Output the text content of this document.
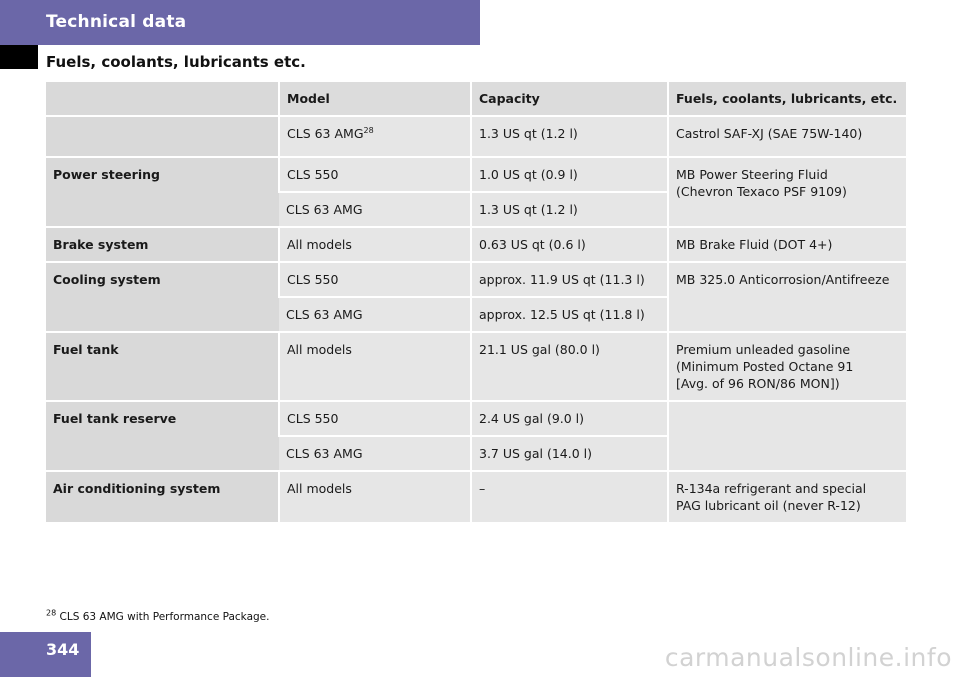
Technical data
Fuels, coolants, lubricants etc.
	Model	Capacity	Fuels, coolants, lubricants, etc.
	CLS 63 AMG$^{28}$	1.3 US qt (1.2 l)	Castrol SAF-XJ (SAE 75W-140)
Power steering	CLS 550	1.0 US qt (0.9 l)	MB Power Steering Fluid
(Chevron Texaco PSF 9109)
	CLS 63 AMG	1.3 US qt (1.2 l)	
Brake system	All models	0.63 US qt (0.6 l)	MB Brake Fluid (DOT 4+)
Cooling system	CLS 550	approx. 11.9 US qt (11.3 l)	MB 325.0 Anticorrosion/Antifreeze
	CLS 63 AMG	approx. 12.5 US qt (11.8 l)	
Fuel tank	All models	21.1 US gal (80.0 l)	Premium unleaded gasoline
(Minimum Posted Octane 91
[Avg. of 96 RON/86 MON])
Fuel tank reserve	CLS 550	2.4 US gal (9.0 l)	
	CLS 63 AMG	3.7 US gal (14.0 l)	
Air conditioning system	All models	–	R-134a refrigerant and special
PAG lubricant oil (never R-12)
$^{28}$ CLS 63 AMG with Performance Package.
344	carmanualsonline.info
